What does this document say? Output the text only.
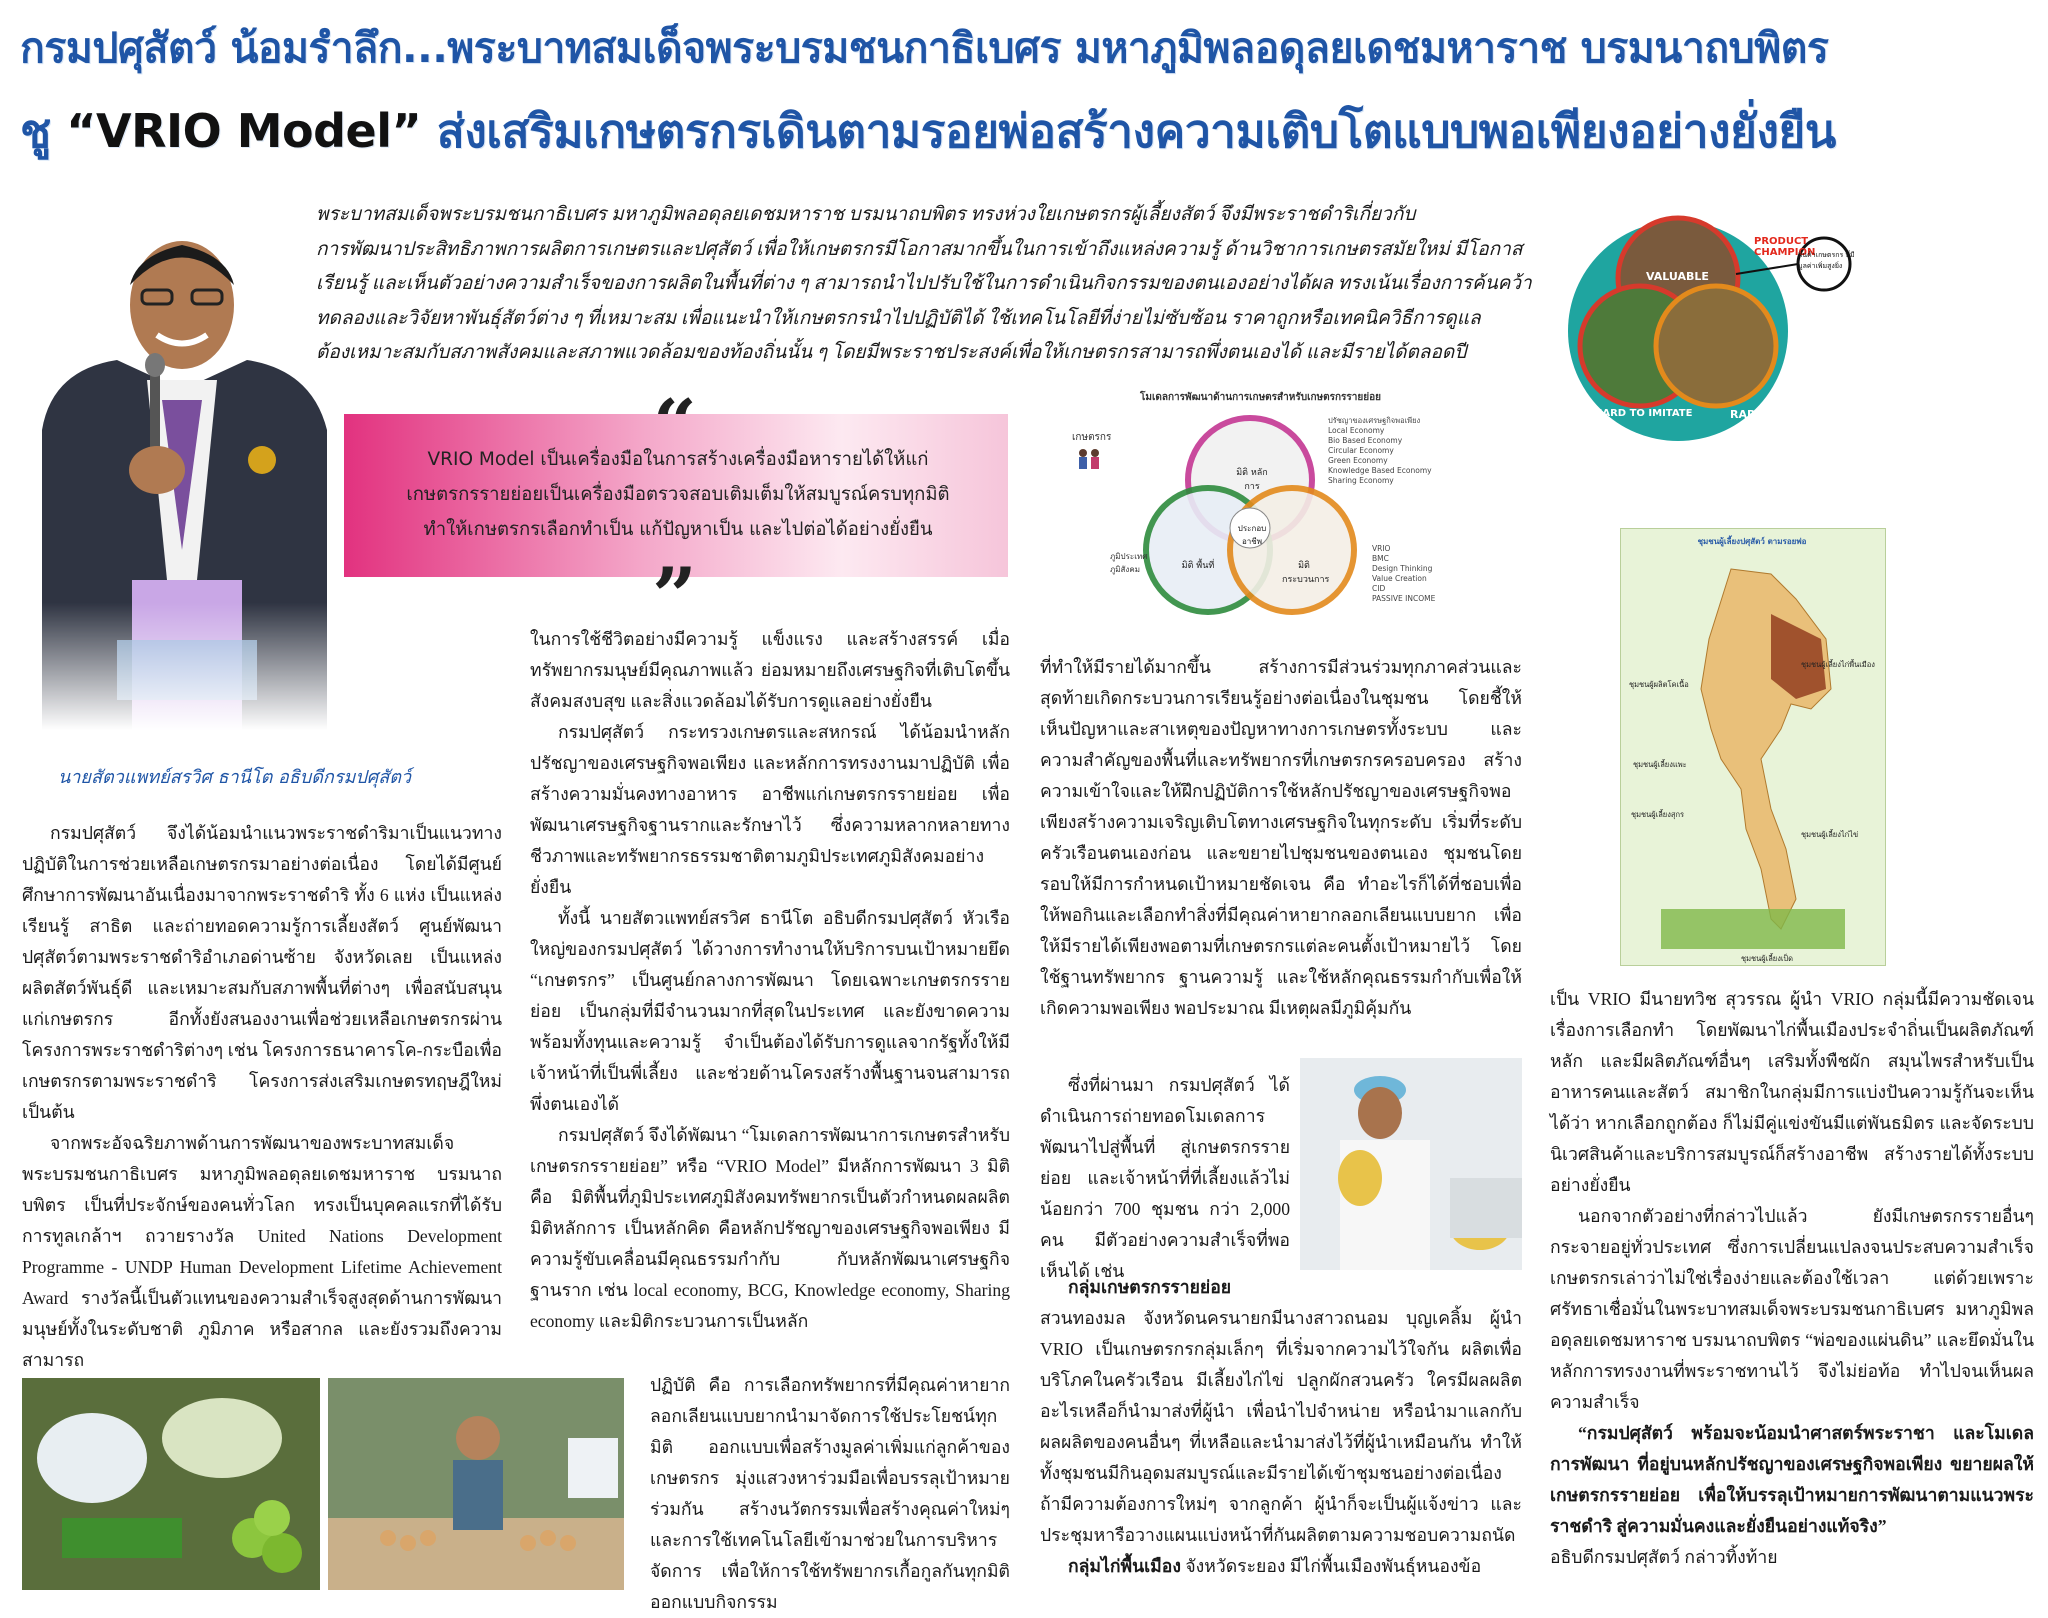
กรมปศุสัตว์ น้อมรำลึก...พระบาทสมเด็จพระบรมชนกาธิเบศร มหาภูมิพลอดุลยเดชมหาราช บรมนาถบพิตร
ชู “VRIO Model” ส่งเสริมเกษตรกรเดินตามรอยพ่อสร้างความเติบโตแบบพอเพียงอย่างยั่งยืน
นายสัตวแพทย์สรวิศ ธานีโต อธิบดีกรมปศุสัตว์
พระบาทสมเด็จพระบรมชนกาธิเบศร มหาภูมิพลอดุลยเดชมหาราช บรมนาถบพิตร ทรงห่วงใยเกษตรกรผู้เลี้ยงสัตว์ จึงมีพระราชดำริเกี่ยวกับ
การพัฒนาประสิทธิภาพการผลิตการเกษตรและปศุสัตว์ เพื่อให้เกษตรกรมีโอกาสมากขึ้นในการเข้าถึงแหล่งความรู้ ด้านวิชาการเกษตรสมัยใหม่ มีโอกาส
เรียนรู้ และเห็นตัวอย่างความสำเร็จของการผลิตในพื้นที่ต่าง ๆ สามารถนำไปปรับใช้ในการดำเนินกิจกรรมของตนเองอย่างได้ผล ทรงเน้นเรื่องการค้นคว้า
ทดลองและวิจัยหาพันธุ์สัตว์ต่าง ๆ ที่เหมาะสม เพื่อแนะนำให้เกษตรกรนำไปปฏิบัติได้ ใช้เทคโนโลยีที่ง่ายไม่ซับซ้อน ราคาถูกหรือเทคนิควิธีการดูแล
ต้องเหมาะสมกับสภาพสังคมและสภาพแวดล้อมของท้องถิ่นนั้น ๆ โดยมีพระราชประสงค์เพื่อให้เกษตรกรสามารถพึ่งตนเองได้ และมีรายได้ตลอดปี
VRIO Model เป็นเครื่องมือในการสร้างเครื่องมือหารายได้ให้แก่
เกษตรกรรายย่อยเป็นเครื่องมือตรวจสอบเติมเต็มให้สมบูรณ์ครบทุกมิติ
ทำให้เกษตรกรเลือกทำเป็น แก้ปัญหาเป็น และไปต่อได้อย่างยั่งยืน
”
โมเดลการพัฒนาด้านการเกษตรสำหรับเกษตรกรรายย่อย
เกษตรกร
มิติ หลักการ
มิติ พื้นที่	มิติ กระบวนการ
ประกอบ อาชีพ
ภูมิประเทศ ภูมิสังคม
ปรัชญาของเศรษฐกิจพอเพียง
Local Economy
Bio Based Economy
Circular Economy
Green Economy
Knowledge Based Economy
Sharing Economy
VRIO
BMC
Design Thinking
Value Creation
CID
PASSIVE INCOME
VALUABLE
HARD TO IMITATE	RARE
ORGANIZED TO EXPLOIT
PRODUCT CHAMPION
สินค้าเกษตรกร ที่มีมูลค่าเพิ่มสูงยิ่ง
ชุมชนผู้เลี้ยงปศุสัตว์ ตามรอยพ่อ
ชุมชนผู้ผลิตโคเนื้อ
ชุมชนผู้เลี้ยงไก่พื้นเมือง
ชุมชนผู้เลี้ยงแพะ
ชุมชนผู้เลี้ยงสุกร
ชุมชนผู้เลี้ยงไก่ไข่
ชุมชนผู้เลี้ยงเป็ด

กรมปศุสัตว์ จึงได้น้อมนำแนวพระราชดำริมาเป็นแนวทางปฏิบัติในการช่วยเหลือเกษตรกรมาอย่างต่อเนื่อง โดยได้มีศูนย์ศึกษาการพัฒนาอันเนื่องมาจากพระราชดำริ ทั้ง 6 แห่ง เป็นแหล่งเรียนรู้ สาธิต และถ่ายทอดความรู้การเลี้ยงสัตว์ ศูนย์พัฒนาปศุสัตว์ตามพระราชดำริอำเภอด่านซ้าย จังหวัดเลย เป็นแหล่งผลิตสัตว์พันธุ์ดี และเหมาะสมกับสภาพพื้นที่ต่างๆ เพื่อสนับสนุนแก่เกษตรกร อีกทั้งยังสนองงานเพื่อช่วยเหลือเกษตรกรผ่านโครงการพระราชดำริต่างๆ เช่น โครงการธนาคารโค-กระบือเพื่อเกษตรกรตามพระราชดำริ โครงการส่งเสริมเกษตรทฤษฎีใหม่เป็นต้น

จากพระอัจฉริยภาพด้านการพัฒนาของพระบาทสมเด็จพระบรมชนกาธิเบศร มหาภูมิพลอดุลยเดชมหาราช บรมนาถบพิตร เป็นที่ประจักษ์ของคนทั่วโลก ทรงเป็นบุคคลแรกที่ได้รับการทูลเกล้าฯ ถวายรางวัล United Nations Development Programme - UNDP Human Development Lifetime Achievement Award รางวัลนี้เป็นตัวแทนของความสำเร็จสูงสุดด้านการพัฒนามนุษย์ทั้งในระดับชาติ ภูมิภาค หรือสากล และยังรวมถึงความสามารถ

ในการใช้ชีวิตอย่างมีความรู้ แข็งแรง และสร้างสรรค์ เมื่อทรัพยากรมนุษย์มีคุณภาพแล้ว ย่อมหมายถึงเศรษฐกิจที่เติบโตขึ้น สังคมสงบสุข และสิ่งแวดล้อมได้รับการดูแลอย่างยั่งยืน

กรมปศุสัตว์ กระทรวงเกษตรและสหกรณ์ ได้น้อมนำหลักปรัชญาของเศรษฐกิจพอเพียง และหลักการทรงงานมาปฏิบัติ เพื่อสร้างความมั่นคงทางอาหาร อาชีพแก่เกษตรกรรายย่อย เพื่อพัฒนาเศรษฐกิจฐานรากและรักษาไว้ ซึ่งความหลากหลายทางชีวภาพและทรัพยากรธรรมชาติตามภูมิประเทศภูมิสังคมอย่างยั่งยืน

ทั้งนี้ นายสัตวแพทย์สรวิศ ธานีโต อธิบดีกรมปศุสัตว์ หัวเรือใหญ่ของกรมปศุสัตว์ ได้วางการทำงานให้บริการบนเป้าหมายยึด “เกษตรกร” เป็นศูนย์กลางการพัฒนา โดยเฉพาะเกษตรกรรายย่อย เป็นกลุ่มที่มีจำนวนมากที่สุดในประเทศ และยังขาดความพร้อมทั้งทุนและความรู้ จำเป็นต้องได้รับการดูแลจากรัฐทั้งให้มีเจ้าหน้าที่เป็นพี่เลี้ยง และช่วยด้านโครงสร้างพื้นฐานจนสามารถพึ่งตนเองได้

กรมปศุสัตว์ จึงได้พัฒนา “โมเดลการพัฒนาการเกษตรสำหรับเกษตรกรรายย่อย” หรือ “VRIO Model” มีหลักการพัฒนา 3 มิติ คือ มิติพื้นที่ภูมิประเทศภูมิสังคมทรัพยากรเป็นตัวกำหนดผลผลิต มิติหลักการ เป็นหลักคิด คือหลักปรัชญาของเศรษฐกิจพอเพียง มีความรู้ขับเคลื่อนมีคุณธรรมกำกับ กับหลักพัฒนาเศรษฐกิจฐานราก เช่น local economy, BCG, Knowledge economy, Sharing economy และมิติกระบวนการเป็นหลัก

ปฏิบัติ คือ การเลือกทรัพยากรที่มีคุณค่าหายากลอกเลียนแบบยากนำมาจัดการใช้ประโยชน์ทุกมิติ ออกแบบเพื่อสร้างมูลค่าเพิ่มแก่ลูกค้าของเกษตรกร มุ่งแสวงหาร่วมมือเพื่อบรรลุเป้าหมายร่วมกัน สร้างนวัตกรรมเพื่อสร้างคุณค่าใหม่ๆ และการใช้เทคโนโลยีเข้ามาช่วยในการบริหารจัดการ เพื่อให้การใช้ทรัพยากรเกื้อกูลกันทุกมิติ ออกแบบกิจกรรม

ที่ทำให้มีรายได้มากขึ้น สร้างการมีส่วนร่วมทุกภาคส่วนและสุดท้ายเกิดกระบวนการเรียนรู้อย่างต่อเนื่องในชุมชน โดยชี้ให้เห็นปัญหาและสาเหตุของปัญหาทางการเกษตรทั้งระบบ และความสำคัญของพื้นที่และทรัพยากรที่เกษตรกรครอบครอง สร้างความเข้าใจและให้ฝึกปฏิบัติการใช้หลักปรัชญาของเศรษฐกิจพอเพียงสร้างความเจริญเติบโตทางเศรษฐกิจในทุกระดับ เริ่มที่ระดับครัวเรือนตนเองก่อน และขยายไปชุมชนของตนเอง ชุมชนโดยรอบให้มีการกำหนดเป้าหมายชัดเจน คือ ทำอะไรก็ได้ที่ชอบเพื่อให้พอกินและเลือกทำสิ่งที่มีคุณค่าหายากลอกเลียนแบบยาก เพื่อให้มีรายได้เพียงพอตามที่เกษตรกรแต่ละคนตั้งเป้าหมายไว้ โดยใช้ฐานทรัพยากร ฐานความรู้ และใช้หลักคุณธรรมกำกับเพื่อให้เกิดความพอเพียง พอประมาณ มีเหตุผลมีภูมิคุ้มกัน

ซึ่งที่ผ่านมา กรมปศุสัตว์ ได้ดำเนินการถ่ายทอดโมเดลการพัฒนาไปสู่พื้นที่ สู่เกษตรกรรายย่อย และเจ้าหน้าที่ที่เลี้ยงแล้วไม่น้อยกว่า 700 ชุมชน กว่า 2,000 คน มีตัวอย่างความสำเร็จที่พอเห็นได้ เช่น

กลุ่มเกษตรกรรายย่อย

สวนทองมล จังหวัดนครนายกมีนางสาวถนอม บุญเคลิ้ม ผู้นำ VRIO เป็นเกษตรกรกลุ่มเล็กๆ ที่เริ่มจากความไว้ใจกัน ผลิตเพื่อบริโภคในครัวเรือน มีเลี้ยงไก่ไข่ ปลูกผักสวนครัว ใครมีผลผลิตอะไรเหลือก็นำมาส่งที่ผู้นำ เพื่อนำไปจำหน่าย หรือนำมาแลกกับผลผลิตของคนอื่นๆ ที่เหลือและนำมาส่งไว้ที่ผู้นำเหมือนกัน ทำให้ทั้งชุมชนมีกินอุดมสมบูรณ์และมีรายได้เข้าชุมชนอย่างต่อเนื่อง ถ้ามีความต้องการใหม่ๆ จากลูกค้า ผู้นำก็จะเป็นผู้แจ้งข่าว และประชุมหารือวางแผนแบ่งหน้าที่กันผลิตตามความชอบความถนัด

กลุ่มไก่พื้นเมือง จังหวัดระยอง มีไก่พื้นเมืองพันธุ์หนองข้อ

เป็น VRIO มีนายทวิช สุวรรณ ผู้นำ VRIO กลุ่มนี้มีความชัดเจนเรื่องการเลือกทำ โดยพัฒนาไก่พื้นเมืองประจำถิ่นเป็นผลิตภัณฑ์หลัก และมีผลิตภัณฑ์อื่นๆ เสริมทั้งพืชผัก สมุนไพรสำหรับเป็นอาหารคนและสัตว์ สมาชิกในกลุ่มมีการแบ่งปันความรู้กันจะเห็นได้ว่า หากเลือกถูกต้อง ก็ไม่มีคู่แข่งขันมีแต่พันธมิตร และจัดระบบนิเวศสินค้าและบริการสมบูรณ์ก็สร้างอาชีพ สร้างรายได้ทั้งระบบอย่างยั่งยืน

นอกจากตัวอย่างที่กล่าวไปแล้ว ยังมีเกษตรกรรายอื่นๆ กระจายอยู่ทั่วประเทศ ซึ่งการเปลี่ยนแปลงจนประสบความสำเร็จเกษตรกรเล่าว่าไม่ใช่เรื่องง่ายและต้องใช้เวลา แต่ด้วยเพราะศรัทธาเชื่อมั่นในพระบาทสมเด็จพระบรมชนกาธิเบศร มหาภูมิพลอดุลยเดชมหาราช บรมนาถบพิตร “พ่อของแผ่นดิน” และยึดมั่นในหลักการทรงงานที่พระราชทานไว้ จึงไม่ย่อท้อ ทำไปจนเห็นผลความสำเร็จ

“กรมปศุสัตว์ พร้อมจะน้อมนำศาสตร์พระราชา และโมเดลการพัฒนา ที่อยู่บนหลักปรัชญาของเศรษฐกิจพอเพียง ขยายผลให้เกษตรกรรายย่อย เพื่อให้บรรลุเป้าหมายการพัฒนาตามแนวพระราชดำริ สู่ความมั่นคงและยั่งยืนอย่างแท้จริง”

อธิบดีกรมปศุสัตว์ กล่าวทิ้งท้าย
